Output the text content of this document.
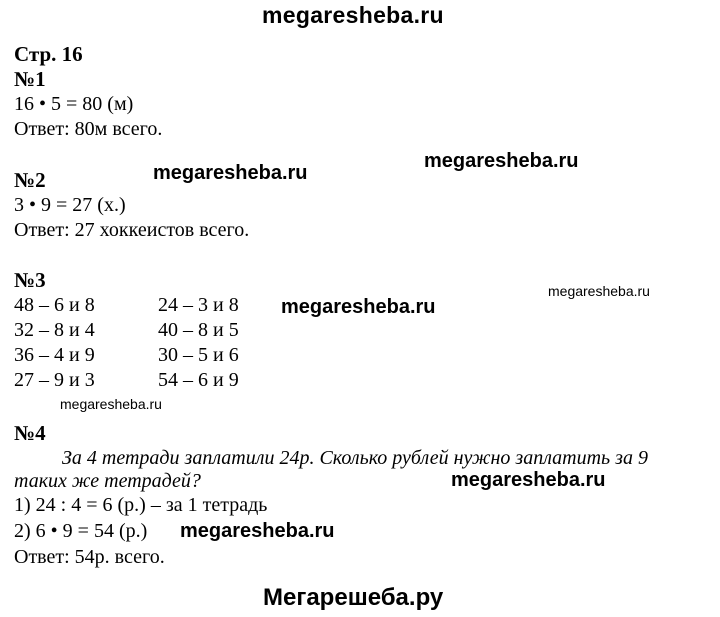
megaresheba.ru
Стр. 16
№1
16 • 5 = 80 (м)
Ответ: 80м всего.
megaresheba.ru
megaresheba.ru
№2
3 • 9 = 27 (х.)
Ответ: 27 хоккеистов всего.
№3	megaresheba.ru
48 – 6 и 8	24 – 3 и 8 megaresheba.ru
32 – 8 и 4	40 – 8 и 5
36 – 4 и 9	30 – 5 и 6
27 – 9 и 3	54 – 6 и 9
megaresheba.ru
№4
За 4 тетради заплатили 24р. Сколько рублей нужно заплатить за 9
таких же тетрадей?	megaresheba.ru
1) 24 : 4 = 6 (р.) – за 1 тетрадь
2) 6 • 9 = 54 (р.) megaresheba.ru
Ответ: 54р. всего.
Мегарешеба.ру
